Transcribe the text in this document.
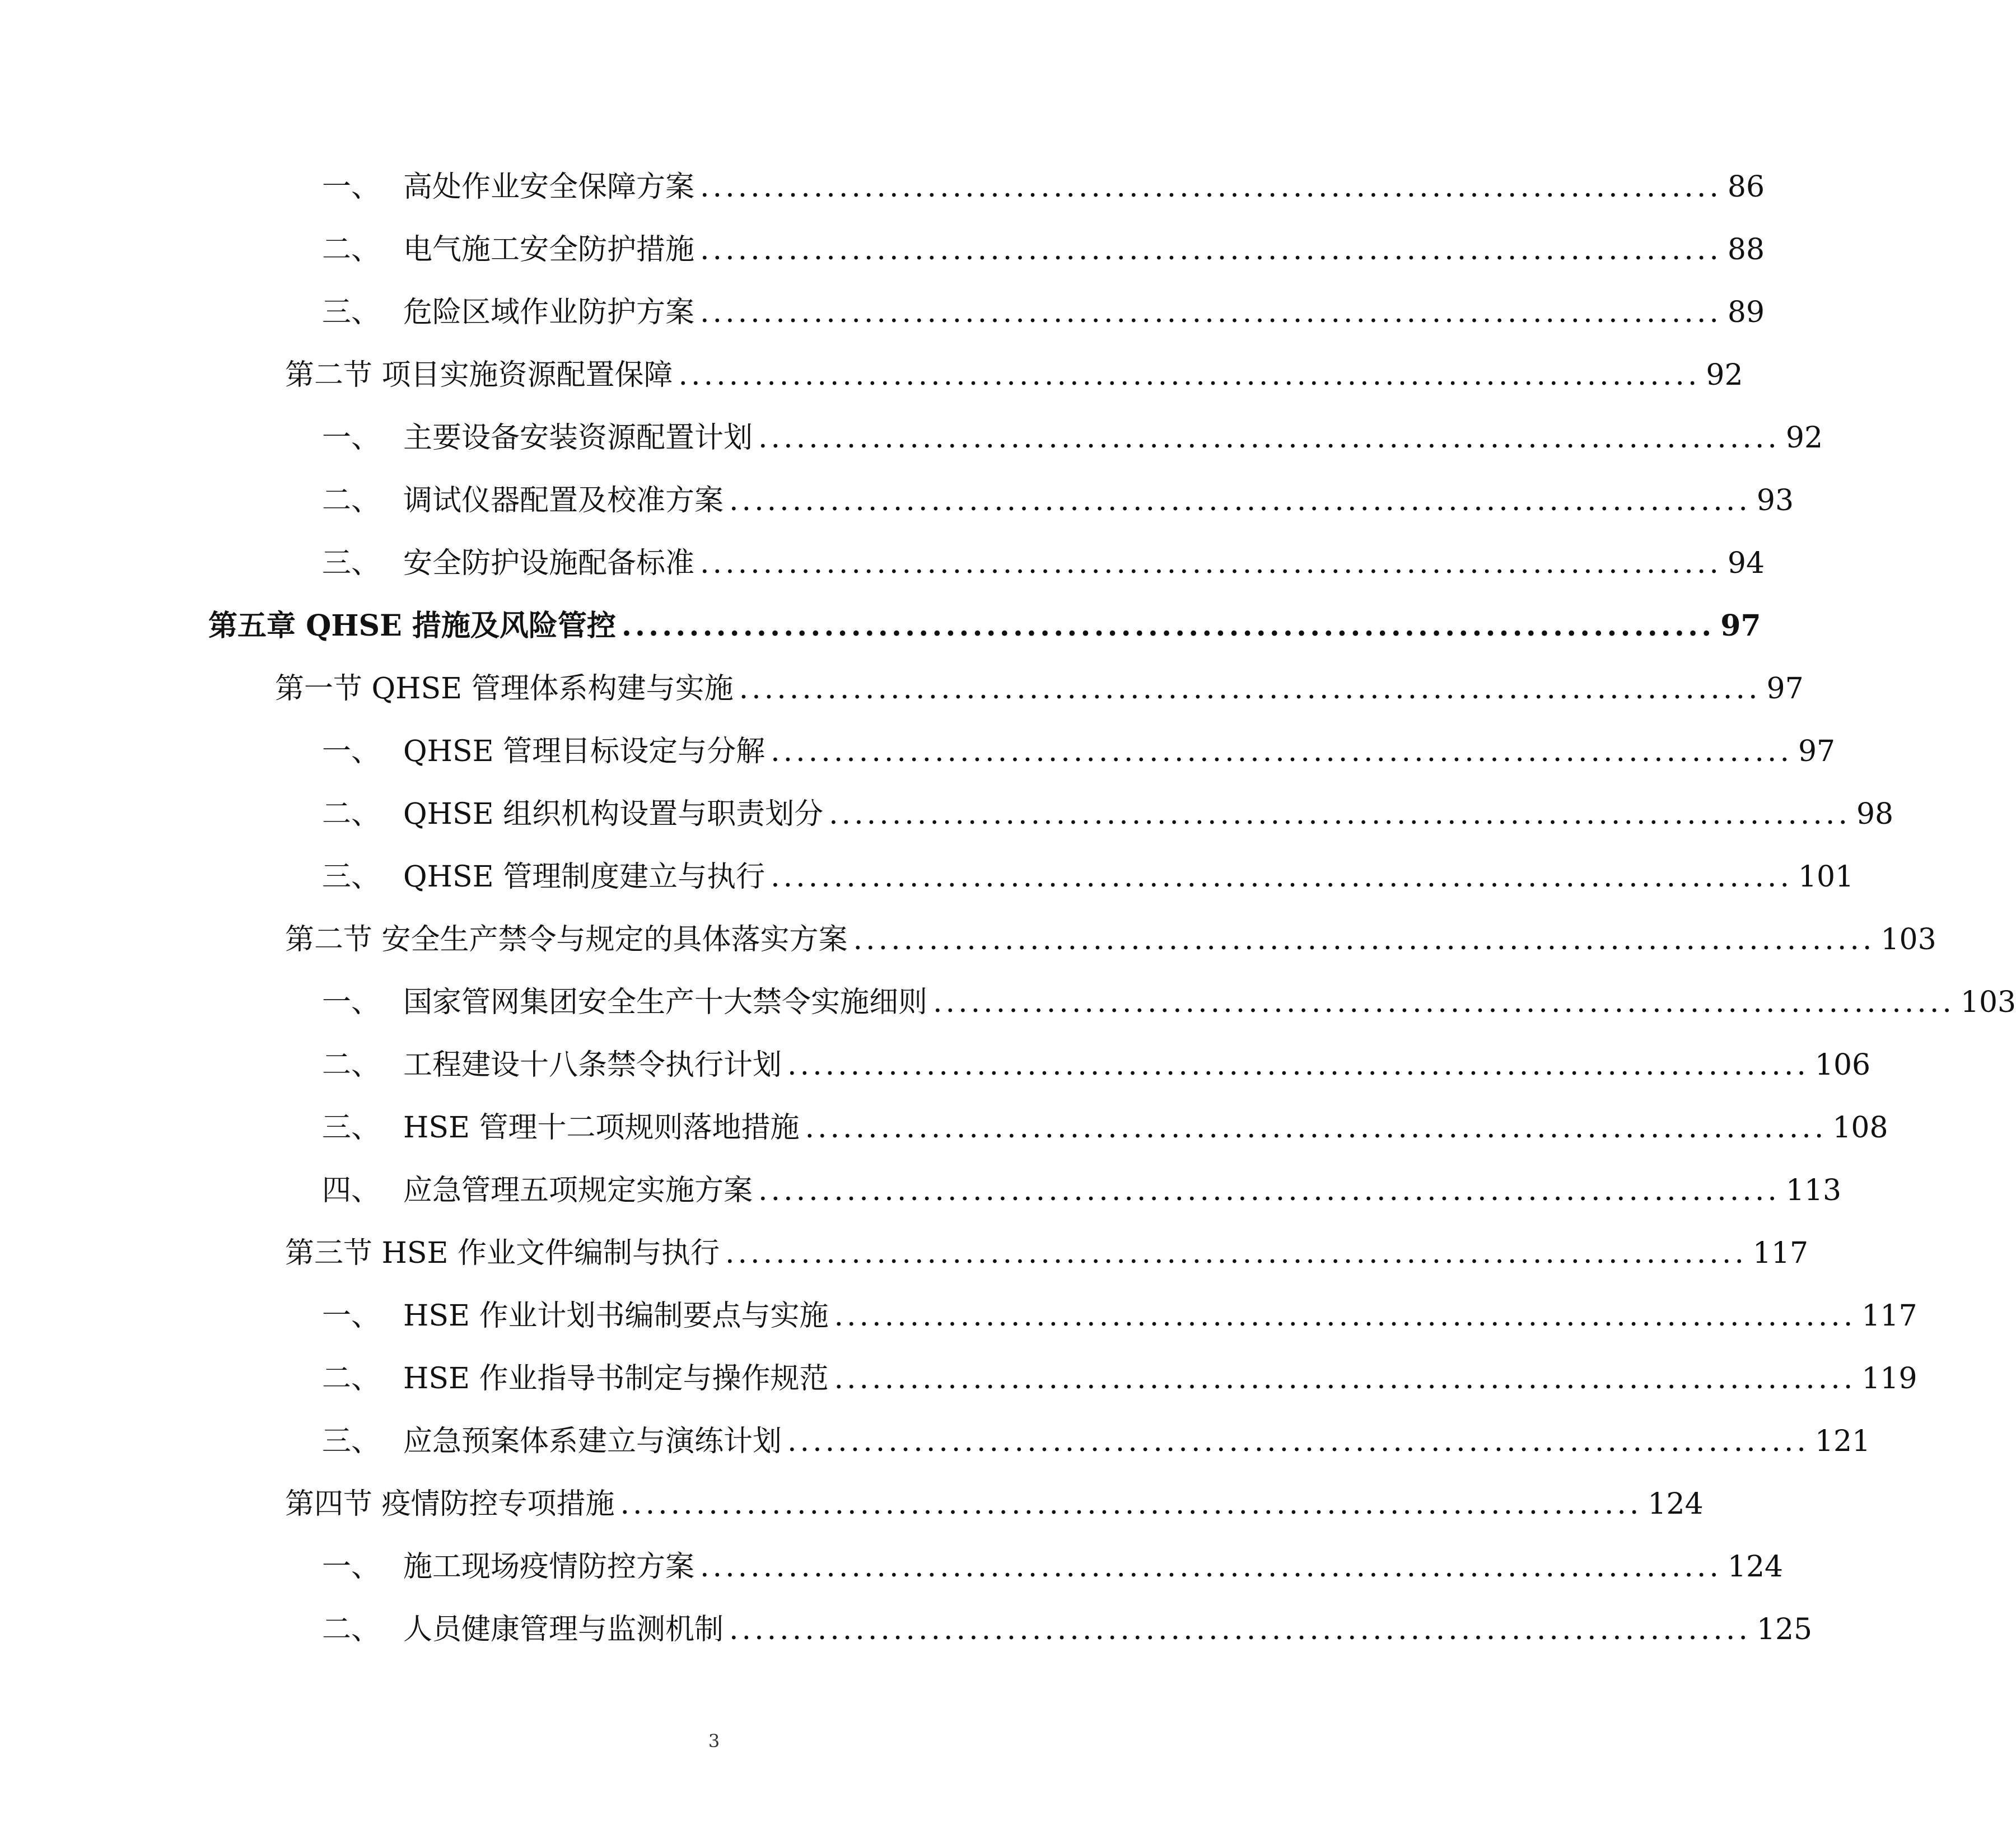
一、 高处作业安全保障方案 ................................................................................. 86
二、 电气施工安全防护措施 ................................................................................. 88
三、 危险区域作业防护方案 ................................................................................. 89
第二节 项目实施资源配置保障 ................................................................................. 92
一、 主要设备安装资源配置计划 ................................................................................. 92
二、 调试仪器配置及校准方案 ................................................................................. 93
三、 安全防护设施配备标准 ................................................................................. 94
第五章 QHSE 措施及风险管控 ................................................................................. 97
第一节 QHSE 管理体系构建与实施 ................................................................................. 97
一、 QHSE 管理目标设定与分解 ................................................................................. 97
二、 QHSE 组织机构设置与职责划分 ................................................................................. 98
三、 QHSE 管理制度建立与执行 ................................................................................. 101
第二节 安全生产禁令与规定的具体落实方案 ................................................................................. 103
一、 国家管网集团安全生产十大禁令实施细则 ................................................................................. 103
二、 工程建设十八条禁令执行计划 ................................................................................. 106
三、 HSE 管理十二项规则落地措施 ................................................................................. 108
四、 应急管理五项规定实施方案 ................................................................................. 113
第三节 HSE 作业文件编制与执行 ................................................................................. 117
一、 HSE 作业计划书编制要点与实施 ................................................................................. 117
二、 HSE 作业指导书制定与操作规范 ................................................................................. 119
三、 应急预案体系建立与演练计划 ................................................................................. 121
第四节 疫情防控专项措施 ................................................................................. 124
一、 施工现场疫情防控方案 ................................................................................. 124
二、 人员健康管理与监测机制 ................................................................................. 125
3
